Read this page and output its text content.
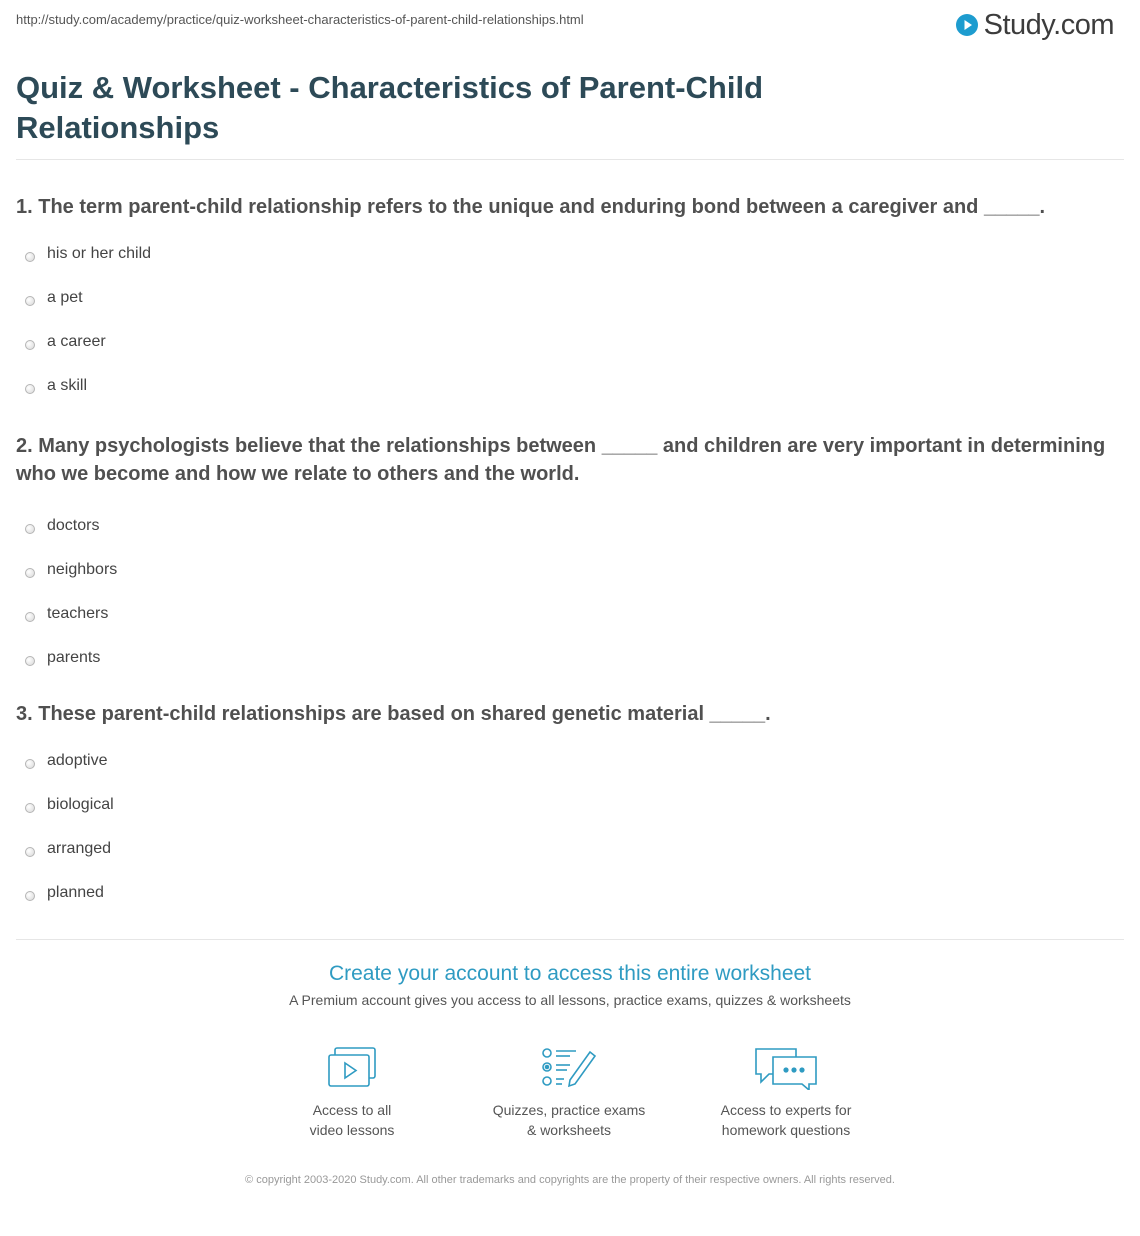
http://study.com/academy/practice/quiz-worksheet-characteristics-of-parent-child-relationships.html	Study.com
Quiz & Worksheet - Characteristics of Parent-Child Relationships

1. The term parent-child relationship refers to the unique and enduring bond between a caregiver and _____.

his or her child
a pet
a career
a skill

2. Many psychologists believe that the relationships between _____ and children are very important in determining who we become and how we relate to others and the world.

doctors
neighbors
teachers
parents

3. These parent-child relationships are based on shared genetic material _____.

adoptive
biological
arranged
planned
Create your account to access this entire worksheet
A Premium account gives you access to all lessons, practice exams, quizzes & worksheets
Access to all
video lessons
Quizzes, practice exams
& worksheets
Access to experts for
homework questions
© copyright 2003-2020 Study.com. All other trademarks and copyrights are the property of their respective owners. All rights reserved.
